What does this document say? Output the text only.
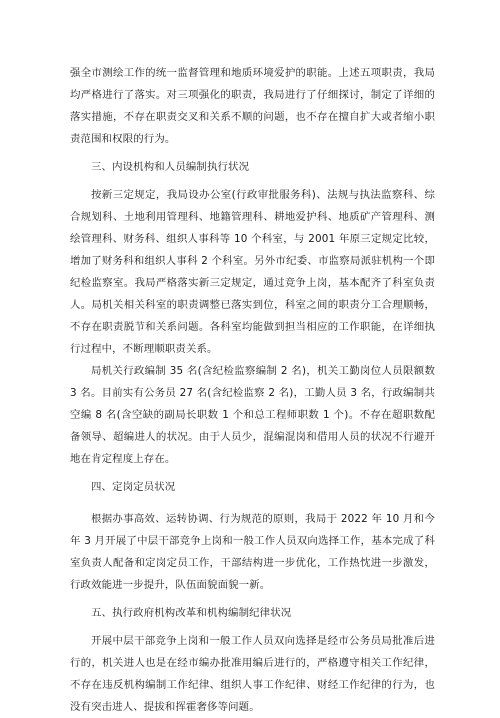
强全市测绘工作的统一监督管理和地质环境爱护的职能。上述五项职责，我局均严格进行了落实。对三项强化的职责，我局进行了仔细探讨，制定了详细的落实措施，不存在职责交叉和关系不顺的问题，也不存在擅自扩大或者缩小职责范围和权限的行为。

三、内设机构和人员编制执行状况

按新三定规定，我局设办公室(行政审批服务科)、法规与执法监察科、综合规划科、土地利用管理科、地籍管理科、耕地爱护科、地质矿产管理科、测绘管理科、财务科、组织人事科等 10 个科室，与 2001 年原三定规定比较，增加了财务科和组织人事科 2 个科室。另外市纪委、市监察局派驻机构一个即纪检监察室。我局严格落实新三定规定，通过竞争上岗，基本配齐了科室负责人。局机关相关科室的职责调整已落实到位，科室之间的职责分工合理顺畅，不存在职责脱节和关系问题。各科室均能做到担当相应的工作职能，在详细执行过程中，不断理顺职责关系。

局机关行政编制 35 名(含纪检监察编制 2 名)，机关工勤岗位人员限额数 3 名。目前实有公务员 27 名(含纪检监察 2 名)，工勤人员 3 名，行政编制共空编 8 名(含空缺的副局长职数 1 个和总工程师职数 1 个)。不存在超职数配备领导、超编进人的状况。由于人员少，混编混岗和借用人员的状况不行避开地在肯定程度上存在。

四、定岗定员状况

根据办事高效、运转协调、行为规范的原则，我局于 2022 年 10 月和今年 3 月开展了中层干部竞争上岗和一般工作人员双向选择工作，基本完成了科室负责人配备和定岗定员工作，干部结构进一步优化，工作热忱进一步激发，行政效能进一步提升，队伍面貌面貌一新。

五、执行政府机构改革和机构编制纪律状况

开展中层干部竞争上岗和一般工作人员双向选择是经市公务员局批准后进行的，机关进人也是在经市编办批准用编后进行的，严格遵守相关工作纪律，不存在违反机构编制工作纪律、组织人事工作纪律、财经工作纪律的行为，也没有突击进人、提拔和挥霍奢侈等问题。
